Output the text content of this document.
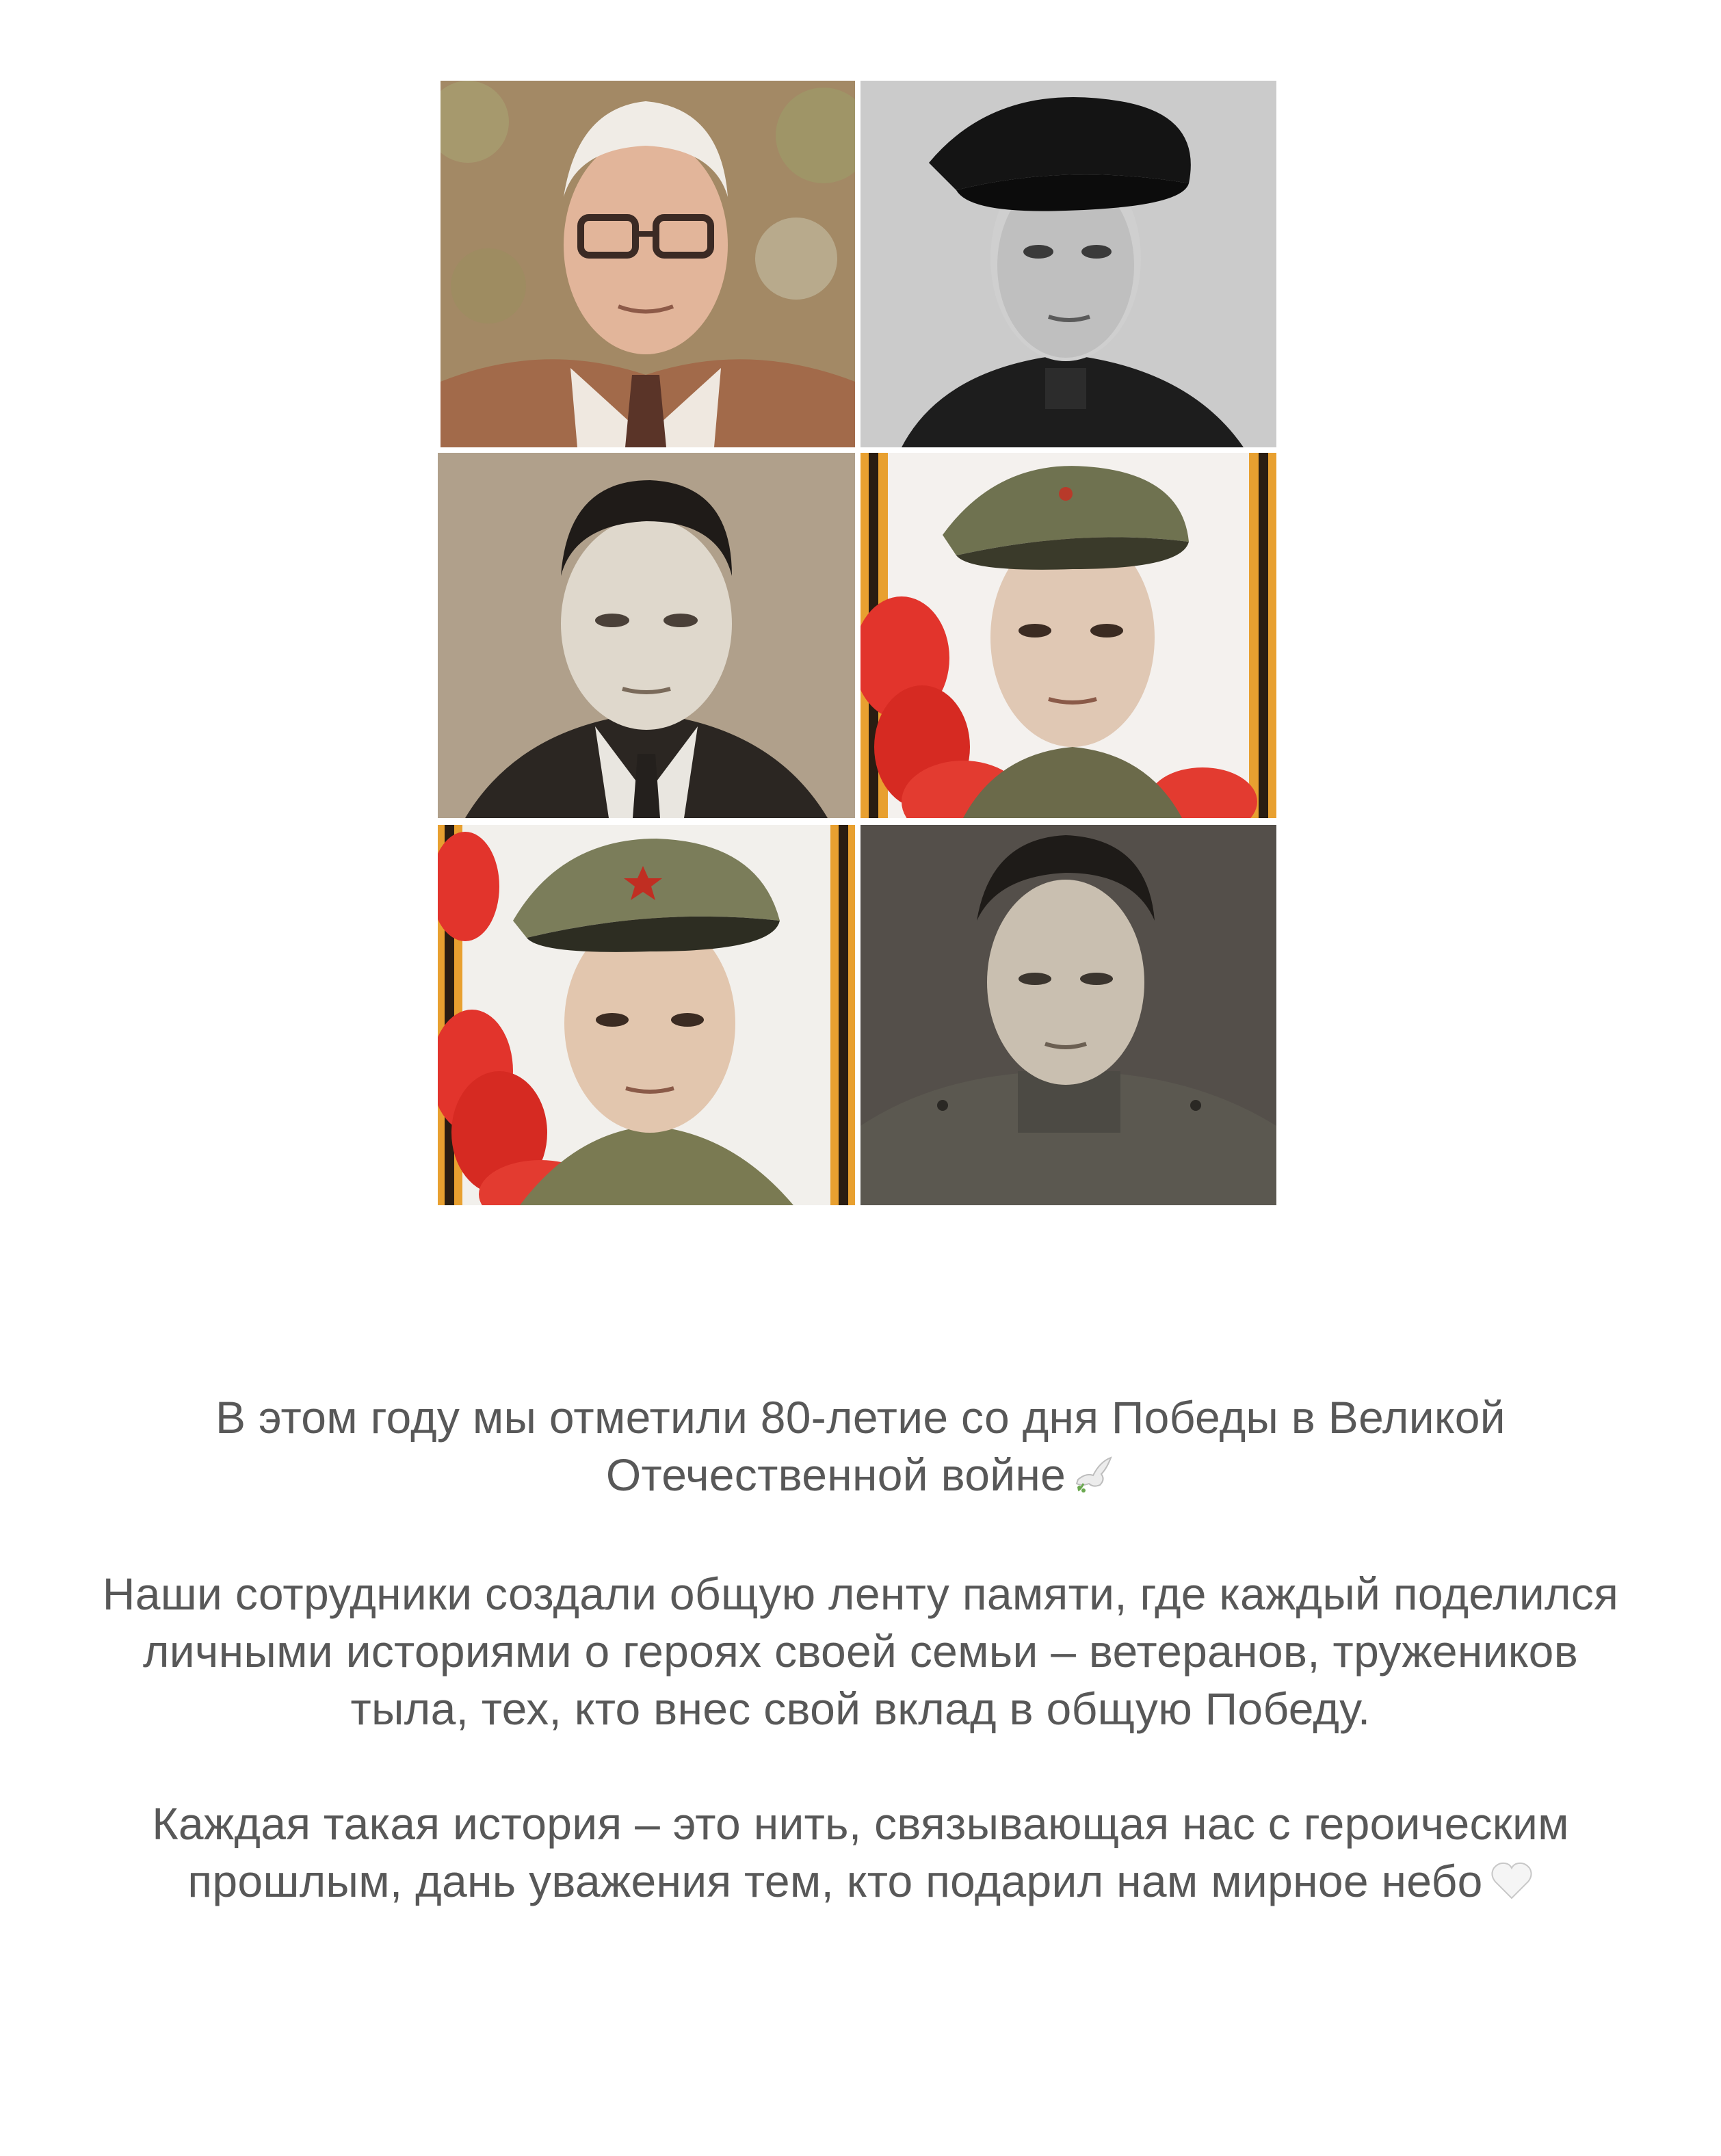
В этом году мы отметили 80-летие со дня Победы в Великой Отечественной войне

Наши сотрудники создали общую ленту памяти, где каждый поделился личными историями о героях своей семьи – ветеранов, тружеников тыла, тех, кто внес свой вклад в общую Победу.

Каждая такая история – это нить, связывающая нас с героическим прошлым, дань уважения тем, кто подарил нам мирное небо
